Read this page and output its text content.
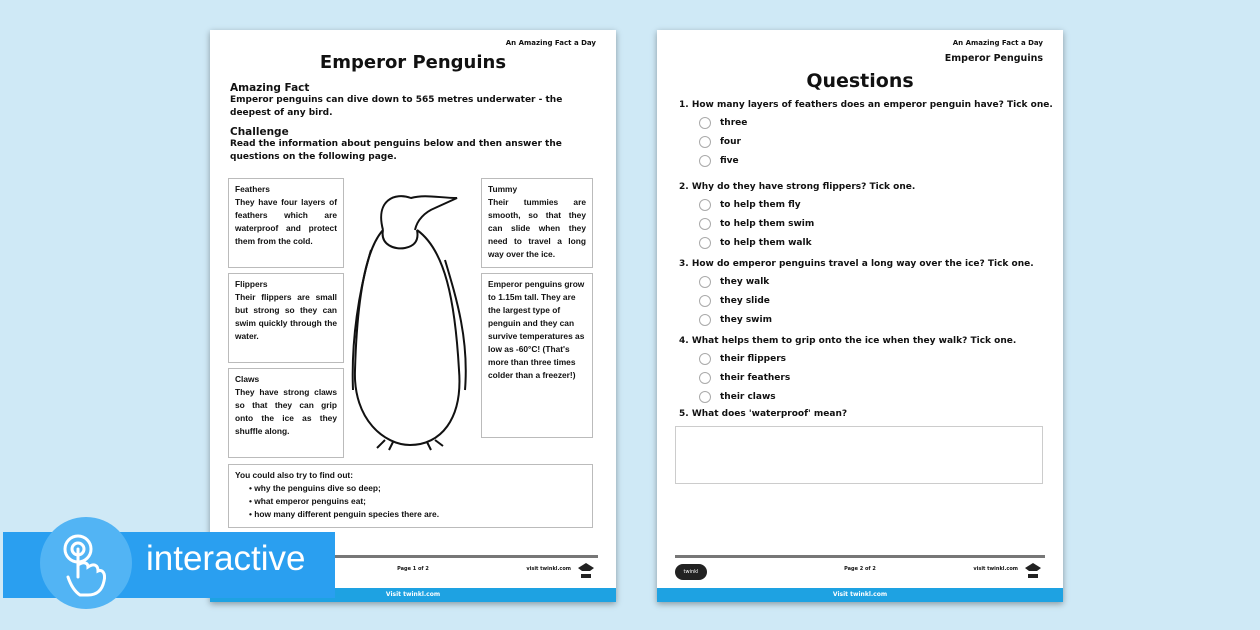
An Amazing Fact a Day
Emperor Penguins
Amazing Fact
Emperor penguins can dive down to 565 metres underwater - the deepest of any bird.
Challenge
Read the information about penguins below and then answer the questions on the following page.
Feathers
They have four layers of feathers which are waterproof and protect them from the cold.
Flippers
Their flippers are small but strong so they can swim quickly through the water.
Claws
They have strong claws so that they can grip onto the ice as they shuffle along.
Tummy
Their tummies are smooth, so that they can slide when they need to travel a long way over the ice.
Emperor penguins grow to 1.15m tall. They are the largest type of penguin and they can survive temperatures as low as -60°C! (That's more than three times colder than a freezer!)
You could also try to find out:
• why the penguins dive so deep;
• what emperor penguins eat;
• how many different penguin species there are.
Page 1 of 2	visit twinkl.com
Visit twinkl.com
An Amazing Fact a Day
Emperor Penguins
Questions
1. How many layers of feathers does an emperor penguin have? Tick one.
three
four
five
2. Why do they have strong flippers? Tick one.
to help them fly
to help them swim
to help them walk
3. How do emperor penguins travel a long way over the ice? Tick one.
they walk
they slide
they swim
4. What helps them to grip onto the ice when they walk? Tick one.
their flippers
their feathers
their claws
5. What does 'waterproof' mean?
twinkl	Page 2 of 2	visit twinkl.com
Visit twinkl.com
interactive
